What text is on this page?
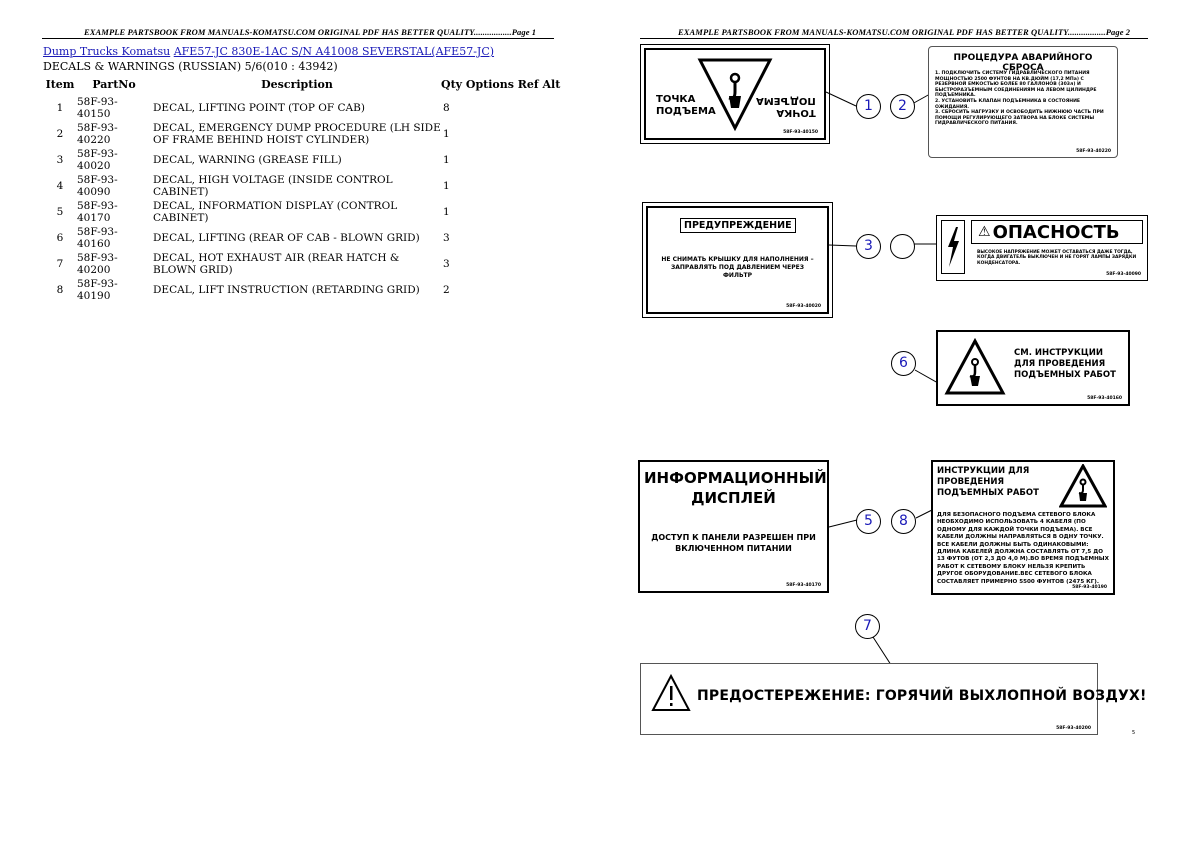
EXAMPLE PARTSBOOK FROM MANUALS-KOMATSU.COM ORIGINAL PDF HAS BETTER QUALITY.................Page 1	EXAMPLE PARTSBOOK FROM MANUALS-KOMATSU.COM ORIGINAL PDF HAS BETTER QUALITY.................Page 2
Dump Trucks Komatsu AFE57-JC 830E-1AC S/N A41008 SEVERSTAL(AFE57-JC)
DECALS & WARNINGS (RUSSIAN) 5/6(010 : 43942)
Item	PartNo	Description	Qty Options Ref Alt	
1	58F-93-40150	DECAL, LIFTING POINT (TOP OF CAB)	8	
2	58F-93-40220	DECAL, EMERGENCY DUMP PROCEDURE (LH SIDE OF FRAME BEHIND HOIST CYLINDER)	1	
3	58F-93-40020	DECAL, WARNING (GREASE FILL)	1	
4	58F-93-40090	DECAL, HIGH VOLTAGE (INSIDE CONTROL CABINET)	1	
5	58F-93-40170	DECAL, INFORMATION DISPLAY (CONTROL CABINET)	1	
6	58F-93-40160	DECAL, LIFTING (REAR OF CAB - BLOWN GRID)	3	
7	58F-93-40200	DECAL, HOT EXHAUST AIR (REAR HATCH & BLOWN GRID)	3	
8	58F-93-40190	DECAL, LIFT INSTRUCTION (RETARDING GRID)	2	
ТОЧКА
ПОДЪЕМА	ТОЧКА
ПОДЪЕМА
58F-93-40150
1	2
ПРОЦЕДУРА АВАРИЙНОГО СБРОСА
1. ПОДКЛЮЧИТЬ СИСТЕМУ ГИДРАВЛИЧЕСКОГО ПИТАНИЯ МОЩНОСТЬЮ 2500 ФУНТОВ НА КВ.ДЮЙМ (17,2 МПа) С РЕЗЕРВНОЙ ЕМКОСТЬЮ БОЛЕЕ 80 ГАЛЛОНОВ (303л) И БЫСТРОРАЗЪЕМНЫМ СОЕДИНЕНИЯМ НА ЛЕВОМ ЦИЛИНДРЕ ПОДЪЕМНИКА.
2. УСТАНОВИТЬ КЛАПАН ПОДЪЕМНИКА В СОСТОЯНИЕ ОЖИДАНИЯ.
3. СБРОСИТЬ НАГРУЗКУ И ОСВОБОДИТЬ НИЖНЮЮ ЧАСТЬ ПРИ ПОМОЩИ РЕГУЛИРУЮЩЕГО ЗАТВОРА НА БЛОКЕ СИСТЕМЫ ГИДРАВЛИЧЕСКОГО ПИТАНИЯ.
58F-93-40220
ПРЕДУПРЕЖДЕНИЕ
НЕ СНИМАТЬ КРЫШКУ ДЛЯ НАПОЛНЕНИЯ – ЗАПРАВЛЯТЬ ПОД ДАВЛЕНИЕМ ЧЕРЕЗ ФИЛЬТР
58F-93-40020
3
⚠ ОПАСНОСТЬ
ВЫСОКОЕ НАПРЯЖЕНИЕ МОЖЕТ ОСТАВАТЬСЯ ДАЖЕ ТОГДА, КОГДА ДВИГАТЕЛЬ ВЫКЛЮЧЕН И НЕ ГОРЯТ ЛАМПЫ ЗАРЯДКИ КОНДЕНСАТОРА.
58F-93-40090
6
СМ. ИНСТРУКЦИИ ДЛЯ ПРОВЕДЕНИЯ ПОДЪЕМНЫХ РАБОТ
58F-93-40160
ИНФОРМАЦИОННЫЙ ДИСПЛЕЙ
ДОСТУП К ПАНЕЛИ РАЗРЕШЕН ПРИ ВКЛЮЧЕННОМ ПИТАНИИ
58F-93-40170
5	8
ИНСТРУКЦИИ ДЛЯ ПРОВЕДЕНИЯ ПОДЪЕМНЫХ РАБОТ
ДЛЯ БЕЗОПАСНОГО ПОДЪЕМА СЕТЕВОГО БЛОКА НЕОБХОДИМО ИСПОЛЬЗОВАТЬ 4 КАБЕЛЯ (ПО ОДНОМУ ДЛЯ КАЖДОЙ ТОЧКИ ПОДЪЕМА). ВСЕ КАБЕЛИ ДОЛЖНЫ НАПРАВЛЯТЬСЯ В ОДНУ ТОЧКУ. ВСЕ КАБЕЛИ ДОЛЖНЫ БЫТЬ ОДИНАКОВЫМИ: ДЛИНА КАБЕЛЕЙ ДОЛЖНА СОСТАВЛЯТЬ ОТ 7,5 ДО 13 ФУТОВ (ОТ 2,3 ДО 4,0 М).ВО ВРЕМЯ ПОДЪЕМНЫХ РАБОТ К СЕТЕВОМУ БЛОКУ НЕЛЬЗЯ КРЕПИТЬ ДРУГОЕ ОБОРУДОВАНИЕ.ВЕС СЕТЕВОГО БЛОКА СОСТАВЛЯЕТ ПРИМЕРНО 5500 ФУНТОВ (2475 КГ).
58F-93-40190
7
ПРЕДОСТЕРЕЖЕНИЕ: ГОРЯЧИЙ ВЫХЛОПНОЙ ВОЗДУХ!
58F-93-40200
5
